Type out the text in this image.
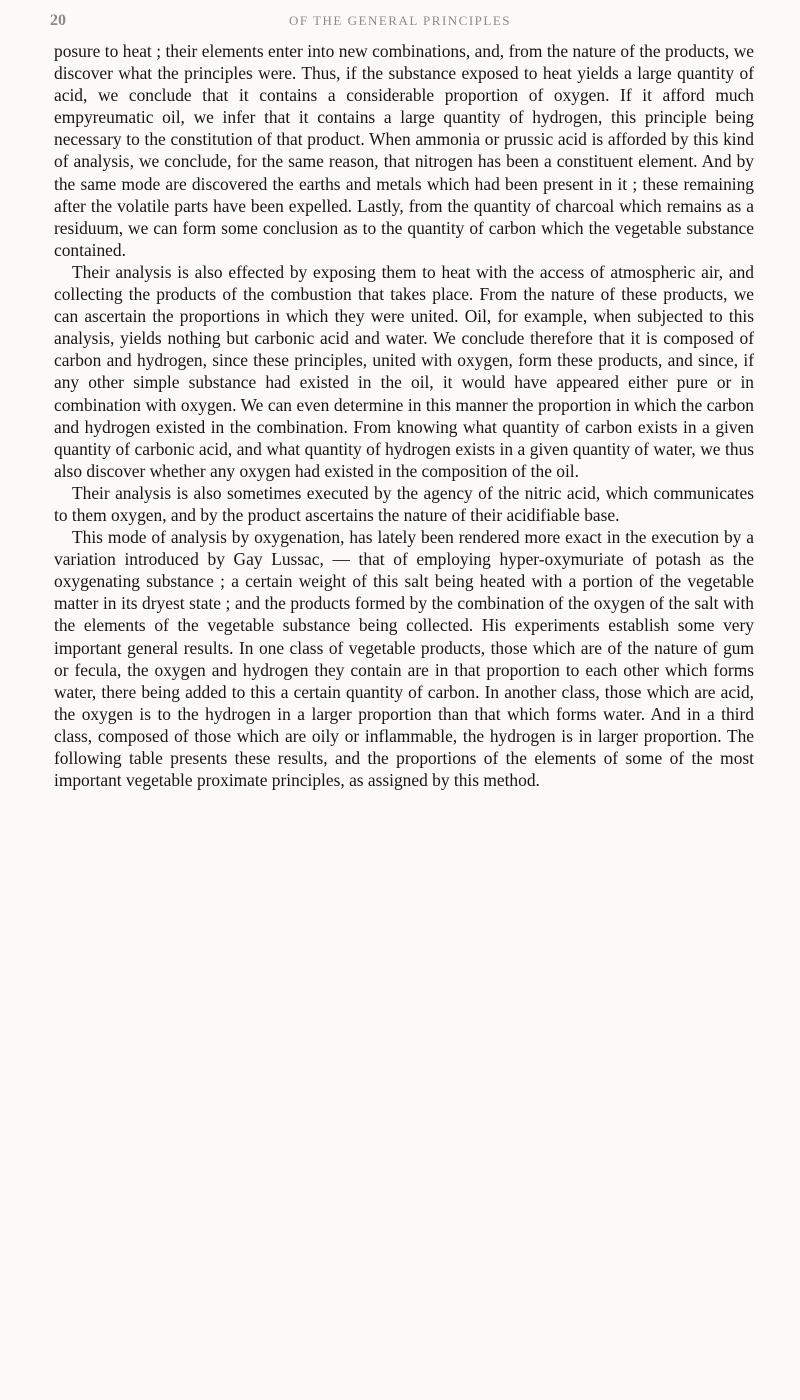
20	OF THE GENERAL PRINCIPLES

posure to heat ; their elements enter into new combinations, and, from the nature of the products, we discover what the principles were. Thus, if the substance exposed to heat yields a large quantity of acid, we conclude that it contains a considerable proportion of oxygen. If it afford much empyreumatic oil, we infer that it contains a large quantity of hydrogen, this principle being necessary to the constitution of that product. When ammonia or prussic acid is afforded by this kind of analysis, we conclude, for the same reason, that nitrogen has been a constituent element. And by the same mode are discovered the earths and metals which had been present in it ; these remaining after the volatile parts have been expelled. Lastly, from the quantity of charcoal which remains as a residuum, we can form some conclusion as to the quantity of carbon which the vegetable substance contained.

Their analysis is also effected by exposing them to heat with the access of atmospheric air, and collecting the products of the combustion that takes place. From the nature of these products, we can ascertain the proportions in which they were united. Oil, for example, when subjected to this analysis, yields nothing but carbonic acid and water. We conclude therefore that it is composed of carbon and hydrogen, since these principles, united with oxygen, form these products, and since, if any other simple substance had existed in the oil, it would have appeared either pure or in combination with oxygen. We can even determine in this manner the proportion in which the carbon and hydrogen existed in the combination. From knowing what quantity of carbon exists in a given quantity of carbonic acid, and what quantity of hydrogen exists in a given quantity of water, we thus also discover whether any oxygen had existed in the composition of the oil.

Their analysis is also sometimes executed by the agency of the nitric acid, which communicates to them oxygen, and by the product ascertains the nature of their acidifiable base.

This mode of analysis by oxygenation, has lately been rendered more exact in the execution by a variation introduced by Gay Lussac, — that of employing hyper-oxymuriate of potash as the oxygenating substance ; a certain weight of this salt being heated with a portion of the vegetable matter in its dryest state ; and the products formed by the combination of the oxygen of the salt with the elements of the vegetable substance being collected. His experiments establish some very important general results. In one class of vegetable products, those which are of the nature of gum or fecula, the oxygen and hydrogen they contain are in that proportion to each other which forms water, there being added to this a certain quantity of carbon. In another class, those which are acid, the oxygen is to the hydrogen in a larger proportion than that which forms water. And in a third class, composed of those which are oily or inflammable, the hydrogen is in larger proportion. The following table presents these results, and the proportions of the elements of some of the most important vegetable proximate principles, as assigned by this method.
